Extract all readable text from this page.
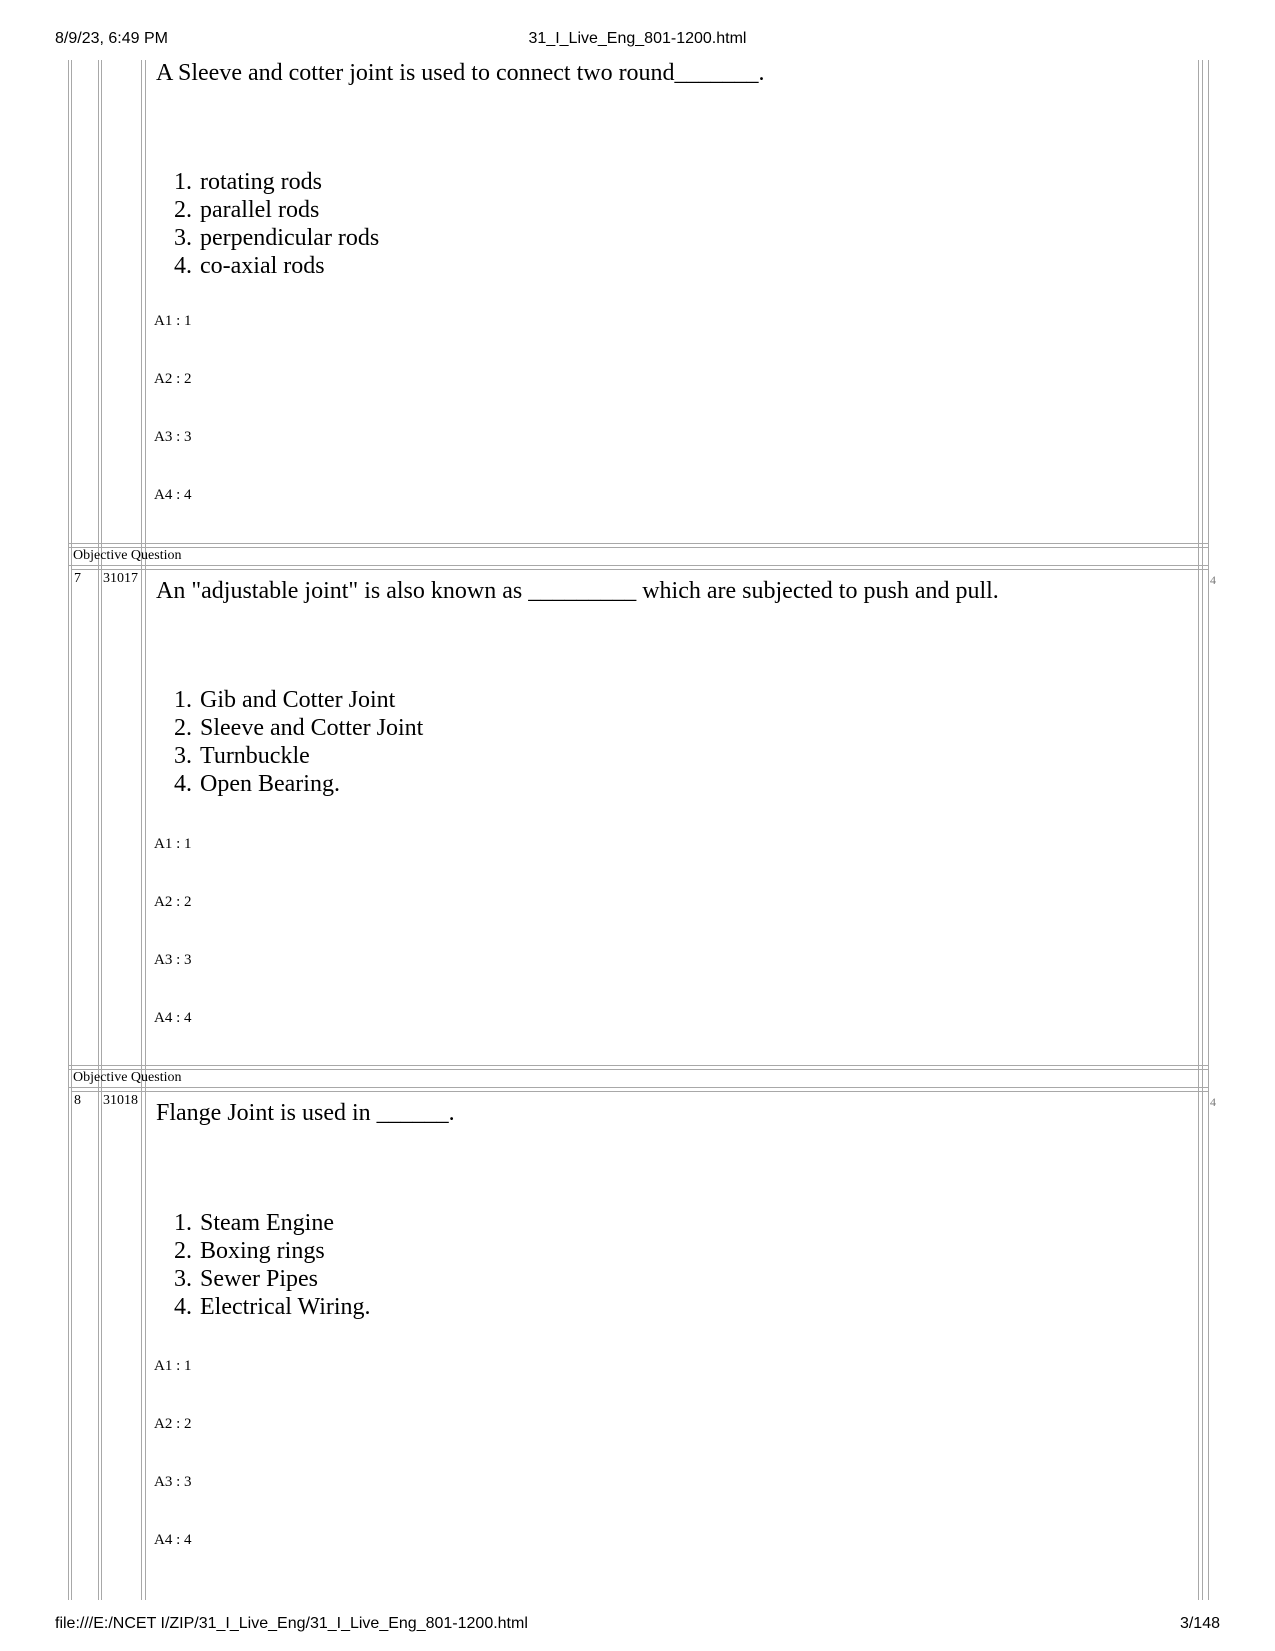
8/9/23, 6:49 PM	31_I_Live_Eng_801-1200.html
A Sleeve and cotter joint is used to connect two round_______.
1. rotating rods
2. parallel rods
3. perpendicular rods
4. co-axial rods
A1 : 1
A2 : 2
A3 : 3
A4 : 4
Objective Question
7 31017	4
An "adjustable joint" is also known as _________ which are subjected to push and pull.
1. Gib and Cotter Joint
2. Sleeve and Cotter Joint
3. Turnbuckle
4. Open Bearing.
A1 : 1
A2 : 2
A3 : 3
A4 : 4
Objective Question
8 31018	4
Flange Joint is used in ______.
1. Steam Engine
2. Boxing rings
3. Sewer Pipes
4. Electrical Wiring.
A1 : 1
A2 : 2
A3 : 3
A4 : 4
file:///E:/NCET I/ZIP/31_I_Live_Eng/31_I_Live_Eng_801-1200.html	3/148
